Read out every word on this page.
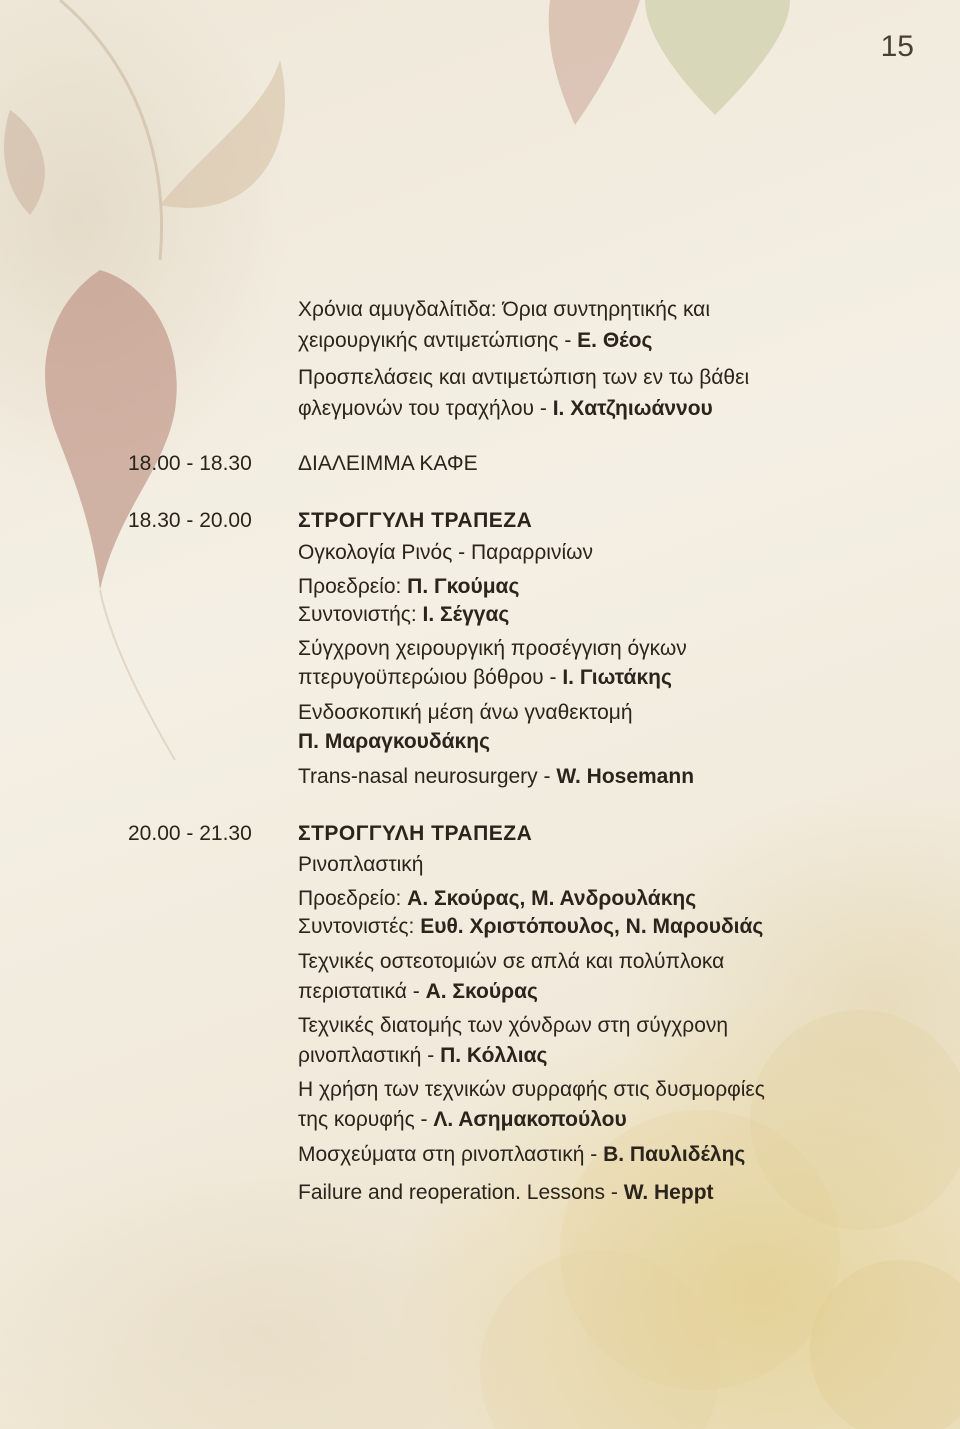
15
Χρόνια αμυγδαλίτιδα: Όρια συντηρητικής και
χειρουργικής αντιμετώπισης - Ε. Θέος
Προσπελάσεις και αντιμετώπιση των εν τω βάθει
φλεγμονών του τραχήλου - Ι. Χατζηιωάννου
18.00 - 18.30 ΔΙΑΛΕΙΜΜΑ ΚΑΦΕ
18.30 - 20.00 ΣΤΡΟΓΓΥΛΗ ΤΡΑΠΕΖΑ
Ογκολογία Ρινός - Παραρρινίων
Προεδρείο: Π. Γκούμας
Συντονιστής: Ι. Σέγγας
Σύγχρονη χειρουργική προσέγγιση όγκων
πτερυγοϋπερώιου βόθρου - Ι. Γιωτάκης
Ενδοσκοπική μέση άνω γναθεκτομή
Π. Μαραγκουδάκης
Trans-nasal neurosurgery - W. Hosemann
20.00 - 21.30 ΣΤΡΟΓΓΥΛΗ ΤΡΑΠΕΖΑ
Ρινοπλαστική
Προεδρείο: Α. Σκούρας, Μ. Ανδρουλάκης
Συντονιστές: Ευθ. Χριστόπουλος, Ν. Μαρουδιάς
Τεχνικές οστεοτομιών σε απλά και πολύπλοκα
περιστατικά - Α. Σκούρας
Τεχνικές διατομής των χόνδρων στη σύγχρονη
ρινοπλαστική - Π. Κόλλιας
Η χρήση των τεχνικών συρραφής στις δυσμορφίες
της κορυφής - Λ. Ασημακοπούλου
Μοσχεύματα στη ρινοπλαστική - Β. Παυλιδέλης
Failure and reoperation. Lessons - W. Heppt
